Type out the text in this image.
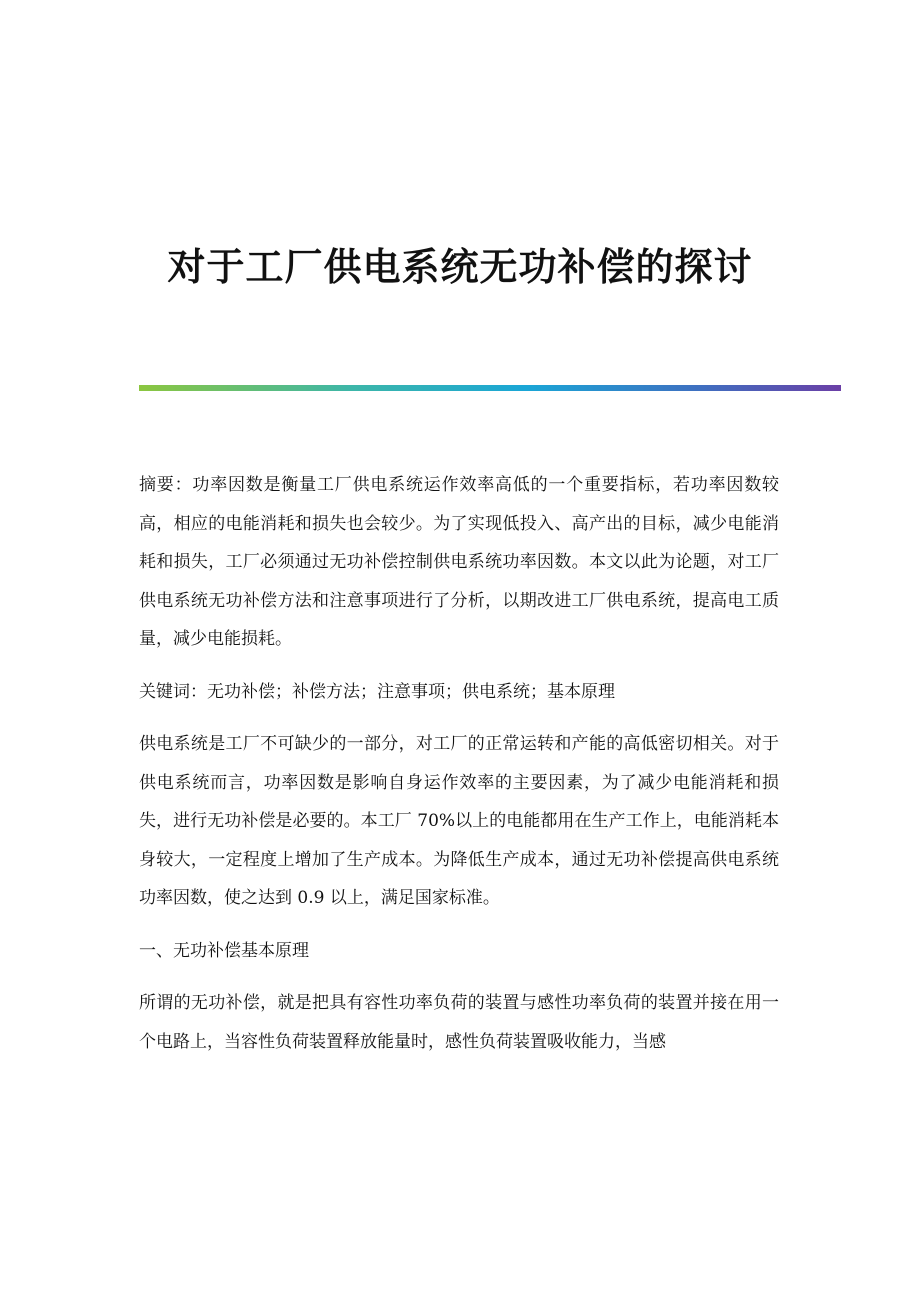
对于工厂供电系统无功补偿的探讨

摘要：功率因数是衡量工厂供电系统运作效率高低的一个重要指标，若功率因数较高，相应的电能消耗和损失也会较少。为了实现低投入、高产出的目标，减少电能消耗和损失，工厂必须通过无功补偿控制供电系统功率因数。本文以此为论题，对工厂供电系统无功补偿方法和注意事项进行了分析，以期改进工厂供电系统，提高电工质量，减少电能损耗。

关键词：无功补偿；补偿方法；注意事项；供电系统；基本原理

供电系统是工厂不可缺少的一部分，对工厂的正常运转和产能的高低密切相关。对于供电系统而言，功率因数是影响自身运作效率的主要因素，为了减少电能消耗和损失，进行无功补偿是必要的。本工厂 70%以上的电能都用在生产工作上，电能消耗本身较大，一定程度上增加了生产成本。为降低生产成本，通过无功补偿提高供电系统功率因数，使之达到 0.9 以上，满足国家标准。

一、无功补偿基本原理

所谓的无功补偿，就是把具有容性功率负荷的装置与感性功率负荷的装置并接在用一个电路上，当容性负荷装置释放能量时，感性负荷装置吸收能力，当感
